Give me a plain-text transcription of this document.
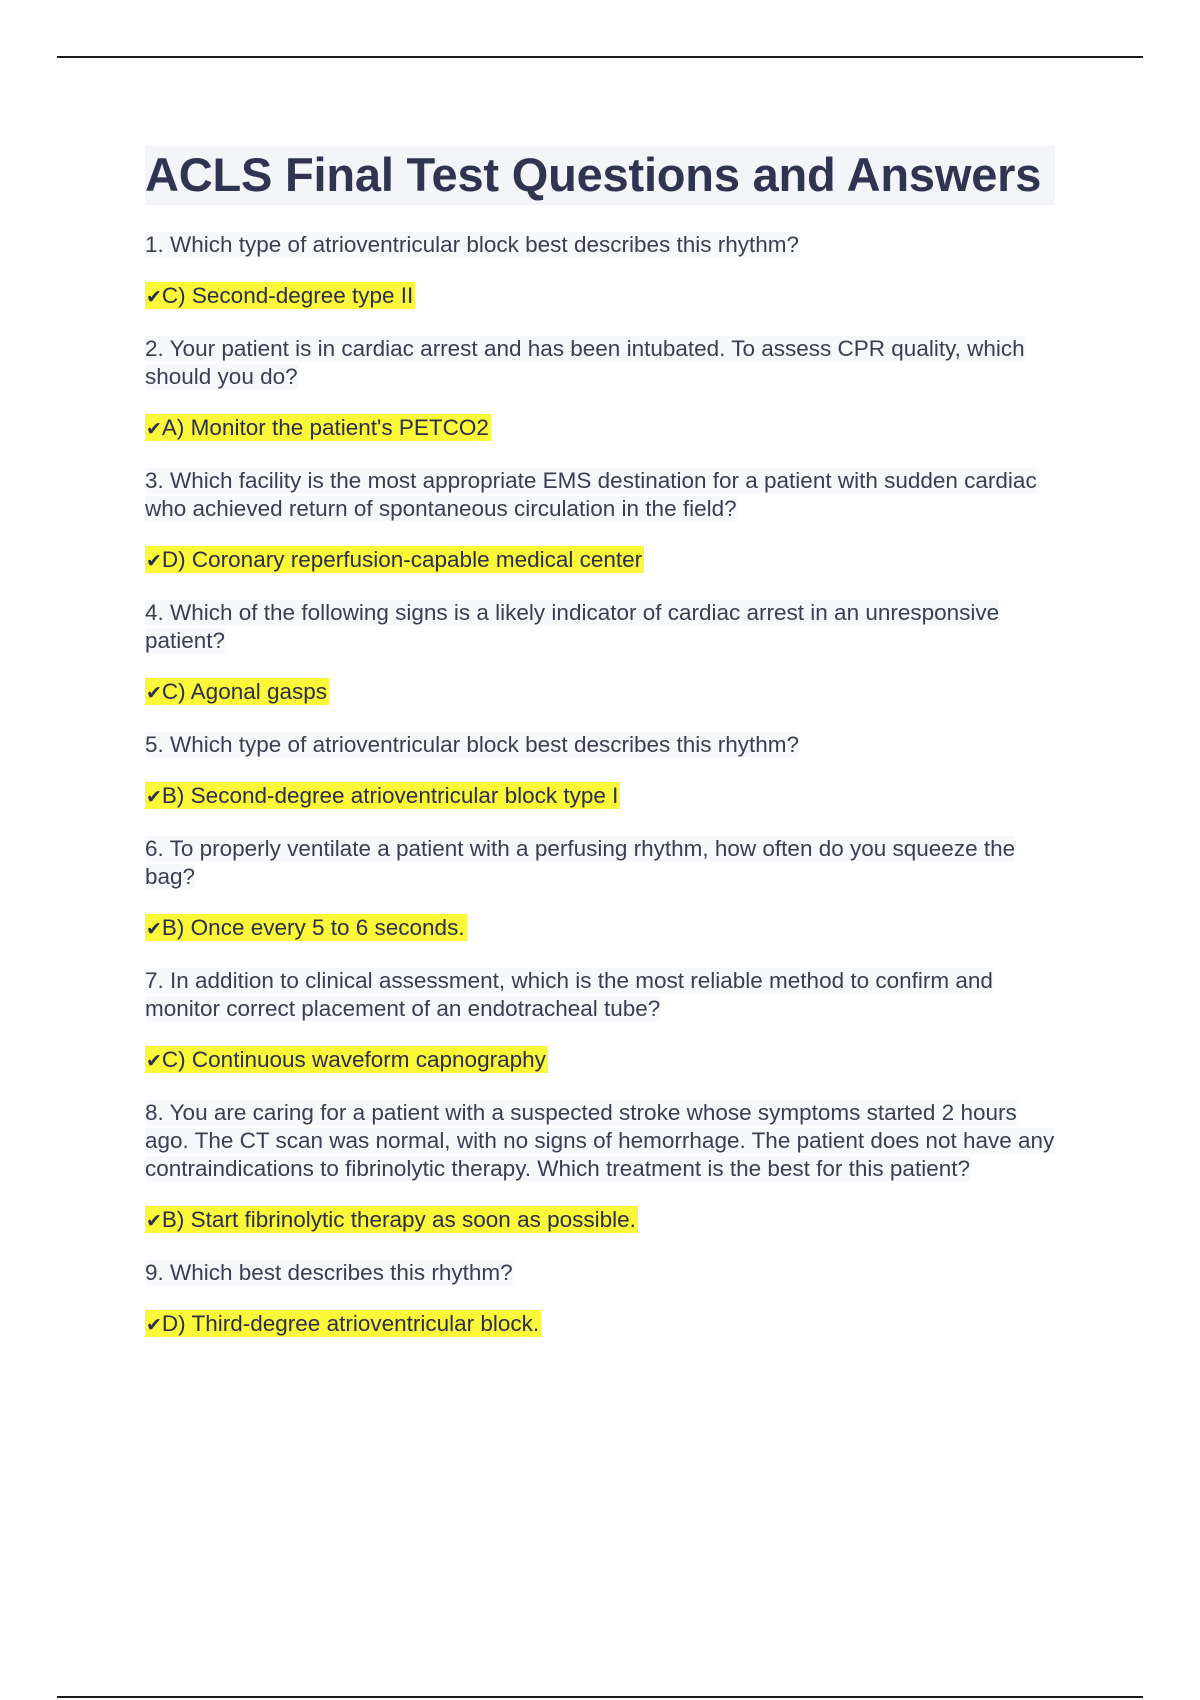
ACLS Final Test Questions and Answers

1. Which type of atrioventricular block best describes this rhythm?

✔C) Second-degree type II

2. Your patient is in cardiac arrest and has been intubated. To assess CPR quality, which should you do?

✔A) Monitor the patient's PETCO2

3. Which facility is the most appropriate EMS destination for a patient with sudden cardiac who achieved return of spontaneous circulation in the field?

✔D) Coronary reperfusion-capable medical center

4. Which of the following signs is a likely indicator of cardiac arrest in an unresponsive patient?

✔C) Agonal gasps

5. Which type of atrioventricular block best describes this rhythm?

✔B) Second-degree atrioventricular block type I

6. To properly ventilate a patient with a perfusing rhythm, how often do you squeeze the bag?

✔B) Once every 5 to 6 seconds.

7. In addition to clinical assessment, which is the most reliable method to confirm and monitor correct placement of an endotracheal tube?

✔C) Continuous waveform capnography

8. You are caring for a patient with a suspected stroke whose symptoms started 2 hours ago. The CT scan was normal, with no signs of hemorrhage. The patient does not have any contraindications to fibrinolytic therapy. Which treatment is the best for this patient?

✔B) Start fibrinolytic therapy as soon as possible.

9. Which best describes this rhythm?

✔D) Third-degree atrioventricular block.
